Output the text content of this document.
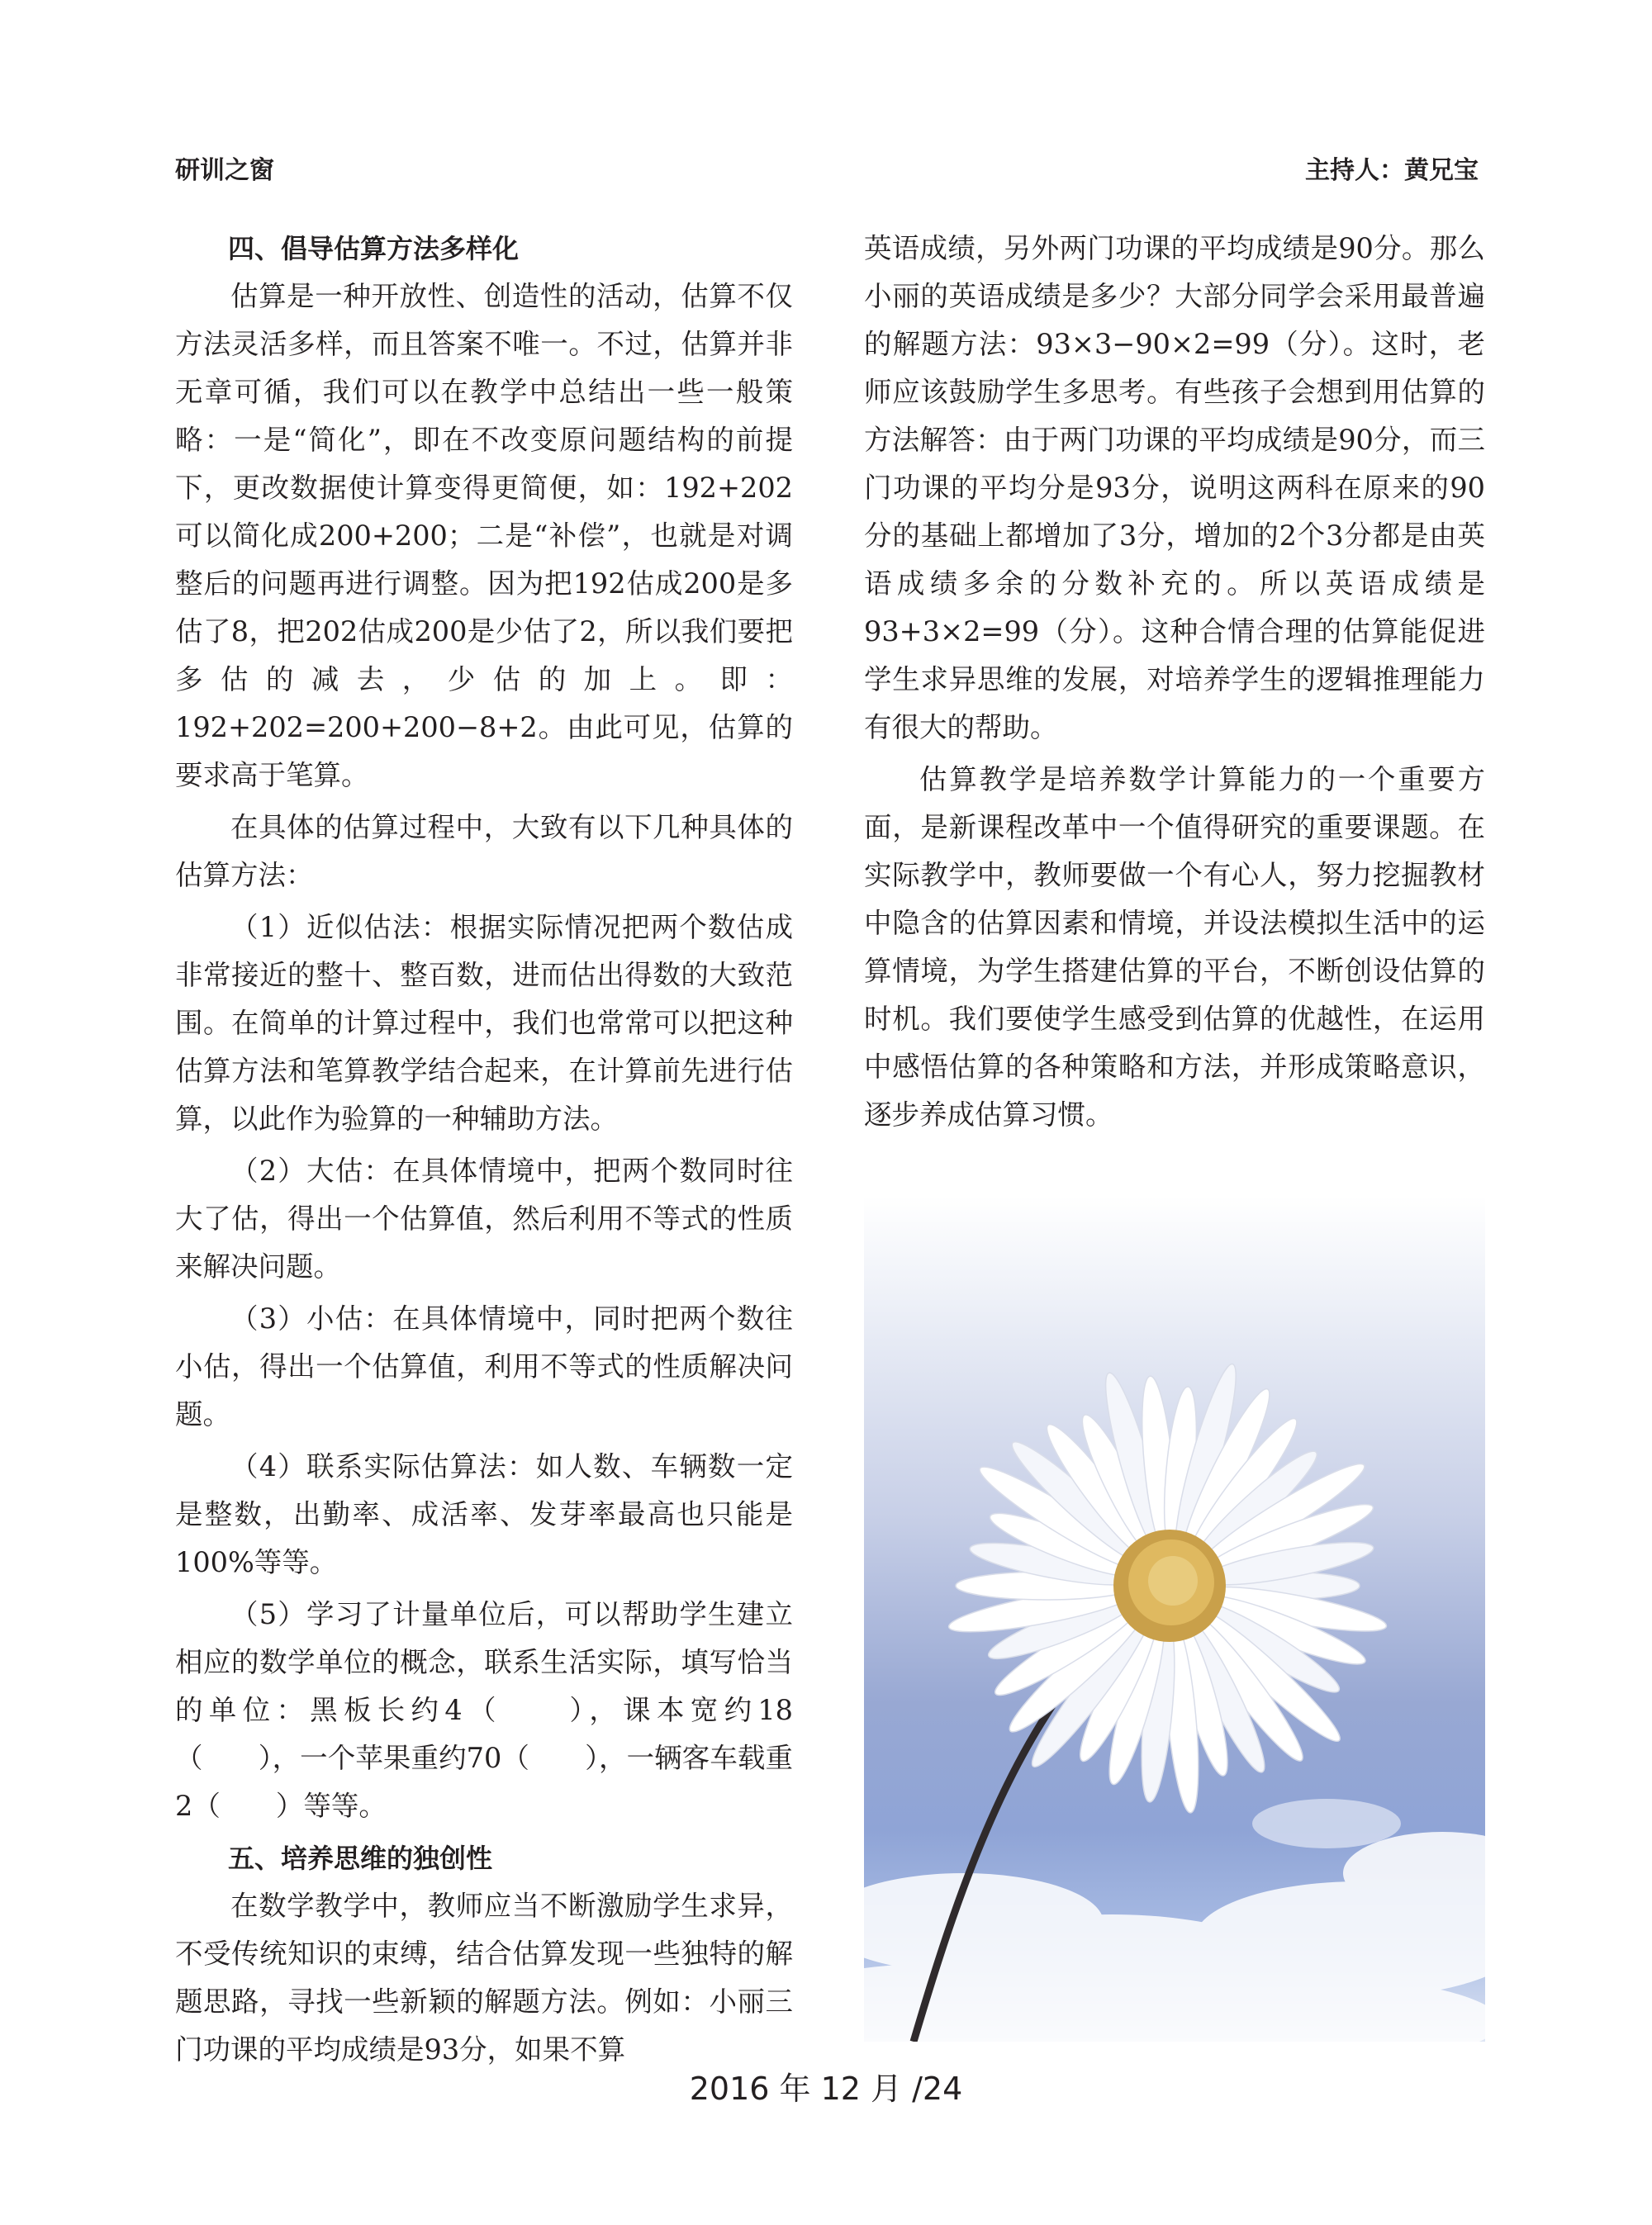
研训之窗	主持人：黄兄宝
四、倡导估算方法多样化

估算是一种开放性、创造性的活动，估算不仅方法灵活多样，而且答案不唯一。不过，估算并非无章可循，我们可以在教学中总结出一些一般策略：一是“简化”，即在不改变原问题结构的前提下，更改数据使计算变得更简便，如：192+202可以简化成200+200；二是“补偿”，也就是对调整后的问题再进行调整。因为把192估成200是多估了8，把202估成200是少估了2，所以我们要把多估的减去，少估的加上。即：192+202=200+200−8+2。由此可见，估算的要求高于笔算。

在具体的估算过程中，大致有以下几种具体的估算方法：

（1）近似估法：根据实际情况把两个数估成非常接近的整十、整百数，进而估出得数的大致范围。在简单的计算过程中，我们也常常可以把这种估算方法和笔算教学结合起来，在计算前先进行估算，以此作为验算的一种辅助方法。

（2）大估：在具体情境中，把两个数同时往大了估，得出一个估算值，然后利用不等式的性质来解决问题。

（3）小估：在具体情境中，同时把两个数往小估，得出一个估算值，利用不等式的性质解决问题。

（4）联系实际估算法：如人数、车辆数一定是整数，出勤率、成活率、发芽率最高也只能是100%等等。

（5）学习了计量单位后，可以帮助学生建立相应的数学单位的概念，联系生活实际，填写恰当的单位：黑板长约4（　　），课本宽约18（　　），一个苹果重约70（　　），一辆客车载重2（　　）等等。

五、培养思维的独创性

在数学教学中，教师应当不断激励学生求异，不受传统知识的束缚，结合估算发现一些独特的解题思路，寻找一些新颖的解题方法。例如：小丽三门功课的平均成绩是93分，如果不算

英语成绩，另外两门功课的平均成绩是90分。那么小丽的英语成绩是多少？大部分同学会采用最普遍的解题方法：93×3−90×2=99（分）。这时，老师应该鼓励学生多思考。有些孩子会想到用估算的方法解答：由于两门功课的平均成绩是90分，而三门功课的平均分是93分，说明这两科在原来的90分的基础上都增加了3分，增加的2个3分都是由英语成绩多余的分数补充的。所以英语成绩是93+3×2=99（分）。这种合情合理的估算能促进学生求异思维的发展，对培养学生的逻辑推理能力有很大的帮助。

估算教学是培养数学计算能力的一个重要方面，是新课程改革中一个值得研究的重要课题。在实际教学中，教师要做一个有心人，努力挖掘教材中隐含的估算因素和情境，并设法模拟生活中的运算情境，为学生搭建估算的平台，不断创设估算的时机。我们要使学生感受到估算的优越性，在运用中感悟估算的各种策略和方法，并形成策略意识，逐步养成估算习惯。

2016 年 12 月 /24
